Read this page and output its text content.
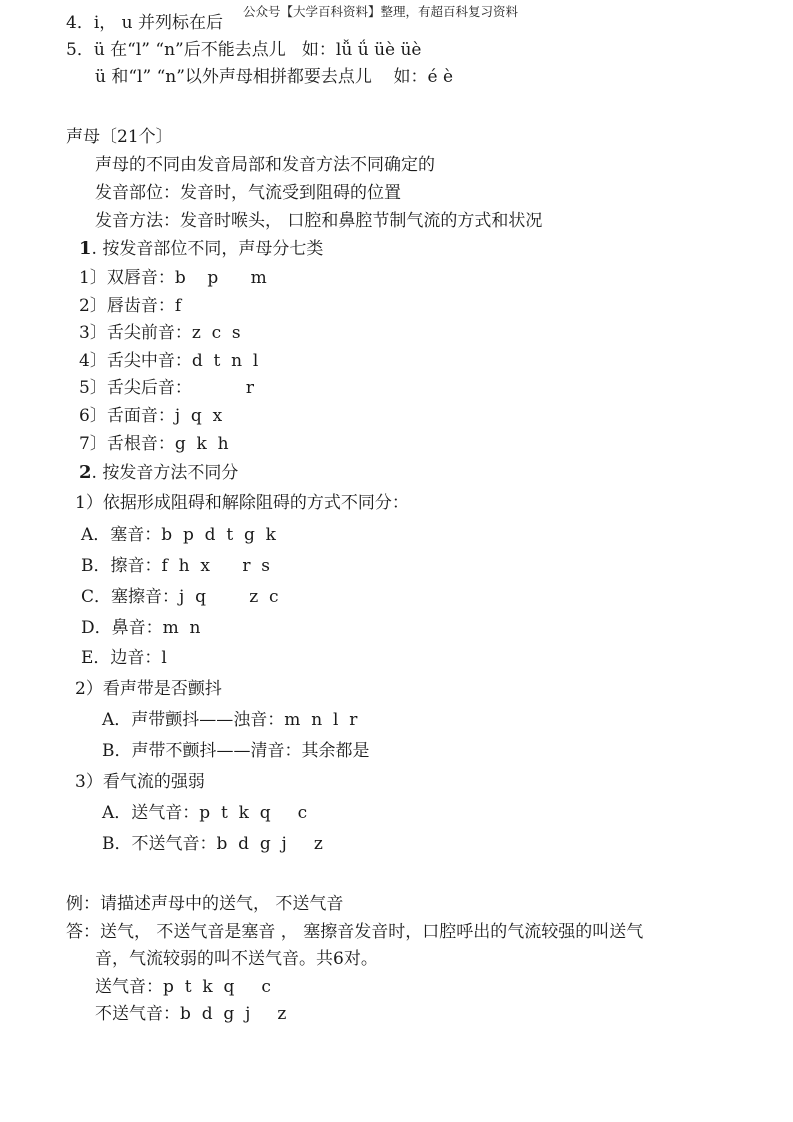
公众号【大学百科资料】整理，有超百科复习资料
4．i， u 并列标在后
5．ü 在“l” “n”后不能去点儿   如：lǚ ǘ üè üè
ü 和“l” “n”以外声母相拼都要去点儿    如：é è
声母〔21个〕
声母的不同由发音局部和发音方法不同确定的
发音部位：发音时，气流受到阻碍的位置
发音方法：发音时喉头， 口腔和鼻腔节制气流的方式和状况
1. 按发音部位不同，声母分七类
1〕双唇音：b    p      m
2〕唇齿音：f
3〕舌尖前音：z  c  s
4〕舌尖中音：d  t  n  l
5〕舌尖后音：          r
6〕舌面音：j  q  x
7〕舌根音：g  k  h
2. 按发音方法不同分
1）依据形成阻碍和解除阻碍的方式不同分：
A．塞音：b  p  d  t  g  k
B．擦音：f  h  x      r  s
C．塞擦音：j  q        z  c
D．鼻音：m  n
E．边音：l
2）看声带是否颤抖
A．声带颤抖——浊音：m  n  l  r
B．声带不颤抖——清音：其余都是
3）看气流的强弱
A．送气音：p  t  k  q     c
B．不送气音：b  d  g  j     z
例：请描述声母中的送气， 不送气音
答：送气， 不送气音是塞音 ， 塞擦音发音时，口腔呼出的气流较强的叫送气
音，气流较弱的叫不送气音。共6对。
送气音：p  t  k  q     c
不送气音：b  d  g  j     z
